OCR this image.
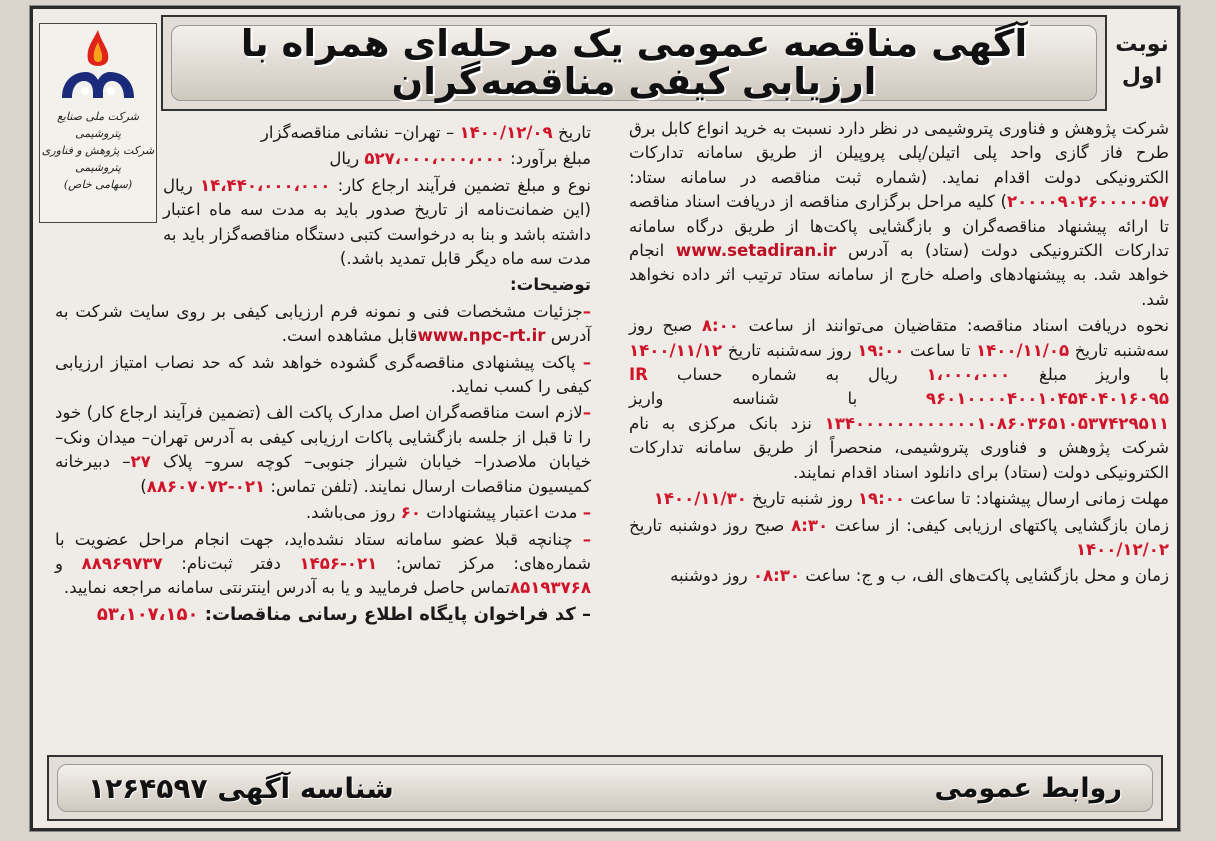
آگهی مناقصه عمومی یک مرحله‌ای همراه با ارزیابی کیفی مناقصه‌گران
نوبت
اول
شرکت ملی صنایع پتروشیمی
شرکت پژوهش و فناوری پتروشیمی
(سهامی خاص)
شرکت پژوهش و فناوری پتروشیمی در نظر دارد نسبت به خرید انواع کابل برق طرح فاز گازی واحد پلی اتیلن/پلی پروپیلن از طریق سامانه تدارکات الکترونیکی دولت اقدام نماید. (شماره ثبت مناقصه در سامانه ستاد: ۲۰۰۰۰۹۰۲۶۰۰۰۰۰۵۷) کلیه مراحل برگزاری مناقصه از دریافت اسناد مناقصه تا ارائه پیشنهاد مناقصه‌گران و بازگشایی پاکت‌ها از طریق درگاه سامانه تدارکات الکترونیکی دولت (ستاد) به آدرس www.setadiran.ir انجام خواهد شد. به پیشنهادهای واصله خارج از سامانه ستاد ترتیب اثر داده نخواهد شد.
نحوه دریافت اسناد مناقصه: متقاضیان می‌توانند از ساعت ۸:۰۰ صبح روز سه‌شنبه تاریخ ۱۴۰۰/۱۱/۰۵ تا ساعت ۱۹:۰۰ روز سه‌شنبه تاریخ ۱۴۰۰/۱۱/۱۲ با واریز مبلغ ۱،۰۰۰،۰۰۰ ریال به شماره حساب IR ۹۶۰۱۰۰۰۰۴۰۰۱۰۴۵۴۰۴۰۱۶۰۹۵ با شناسه واریز ۱۳۴۰۰۰۰۰۰۰۰۰۰۰۰۱۰۸۶۰۳۶۵۱۰۵۳۷۴۲۹۵۱۱ نزد بانک مرکزی به نام شرکت پژوهش و فناوری پتروشیمی، منحصراً از طریق سامانه تدارکات الکترونیکی دولت (ستاد) برای دانلود اسناد اقدام نمایند.
مهلت زمانی ارسال پیشنهاد: تا ساعت ۱۹:۰۰ روز شنبه تاریخ ۱۴۰۰/۱۱/۳۰
زمان بازگشایی پاکتهای ارزیابی کیفی: از ساعت ۸:۳۰ صبح روز دوشنبه تاریخ ۱۴۰۰/۱۲/۰۲
زمان و محل بازگشایی پاکت‌های الف، ب و ج: ساعت ۰۸:۳۰ روز دوشنبه
تاریخ ۱۴۰۰/۱۲/۰۹ – تهران– نشانی مناقصه‌گزار
مبلغ برآورد: ۵۲۷،۰۰۰،۰۰۰،۰۰۰ ریال
نوع و مبلغ تضمین فرآیند ارجاع کار: ۱۴،۴۴۰،۰۰۰،۰۰۰ ریال (این ضمانت‌نامه از تاریخ صدور باید به مدت سه ماه اعتبار داشته باشد و بنا به درخواست کتبی دستگاه مناقصه‌گزار باید به مدت سه ماه دیگر قابل تمدید باشد.)
توضیحات:
–جزئیات مشخصات فنی و نمونه فرم ارزیابی کیفی بر روی سایت شرکت به آدرس www.npc-rt.irقابل مشاهده است.
– پاکت پیشنهادی مناقصه‌گری گشوده خواهد شد که حد نصاب امتیاز ارزیابی کیفی را کسب نماید.
–لازم است مناقصه‌گران اصل مدارک پاکت الف (تضمین فرآیند ارجاع کار) خود را تا قبل از جلسه بازگشایی پاکات ارزیابی کیفی به آدرس تهران– میدان ونک– خیابان ملاصدرا– خیابان شیراز جنوبی– کوچه سرو– پلاک ۲۷– دبیرخانه کمیسیون مناقصات ارسال نمایند. (تلفن تماس: ۰۲۱-۸۸۶۰۷۰۷۲)
– مدت اعتبار پیشنهادات ۶۰ روز می‌باشد.
– چنانچه قبلا عضو سامانه ستاد نشده‌اید، جهت انجام مراحل عضویت با شماره‌های: مرکز تماس: ۰۲۱-۱۴۵۶ دفتر ثبت‌نام: ۸۸۹۶۹۷۳۷ و ۸۵۱۹۳۷۶۸تماس حاصل فرمایید و یا به آدرس اینترنتی سامانه مراجعه نمایید.
– کد فراخوان پایگاه اطلاع رسانی مناقصات: ۵۳،۱۰۷،۱۵۰
روابط عمومی
شناسه آگهی ۱۲۶۴۵۹۷
